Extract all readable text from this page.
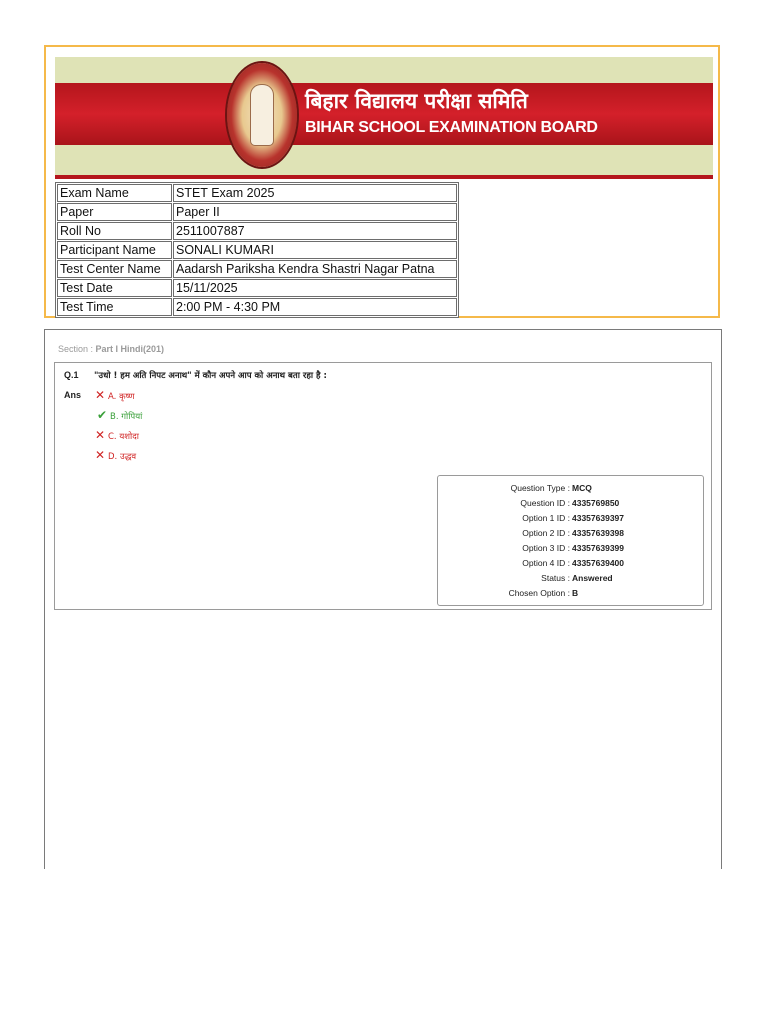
बिहार विद्यालय परीक्षा समिति
BIHAR SCHOOL EXAMINATION BOARD
Exam Name	STET Exam 2025
Paper	Paper II
Roll No	2511007887
Participant Name	SONALI KUMARI
Test Center Name	Aadarsh Pariksha Kendra Shastri Nagar Patna
Test Date	15/11/2025
Test Time	2:00 PM - 4:30 PM
Section : Part I Hindi(201)
Q.1 "उधो ! हम अति निपट अनाथ" में कौन अपने आप को अनाथ बता रहा है :
Ans ✕ A. कृष्ण
✔ B. गोपियां
✕ C. यशोदा
✕ D. उद्धव
Question Type : MCQ
Question ID : 4335769850
Option 1 ID : 43357639397
Option 2 ID : 43357639398
Option 3 ID : 43357639399
Option 4 ID : 43357639400
Status : Answered
Chosen Option : B
